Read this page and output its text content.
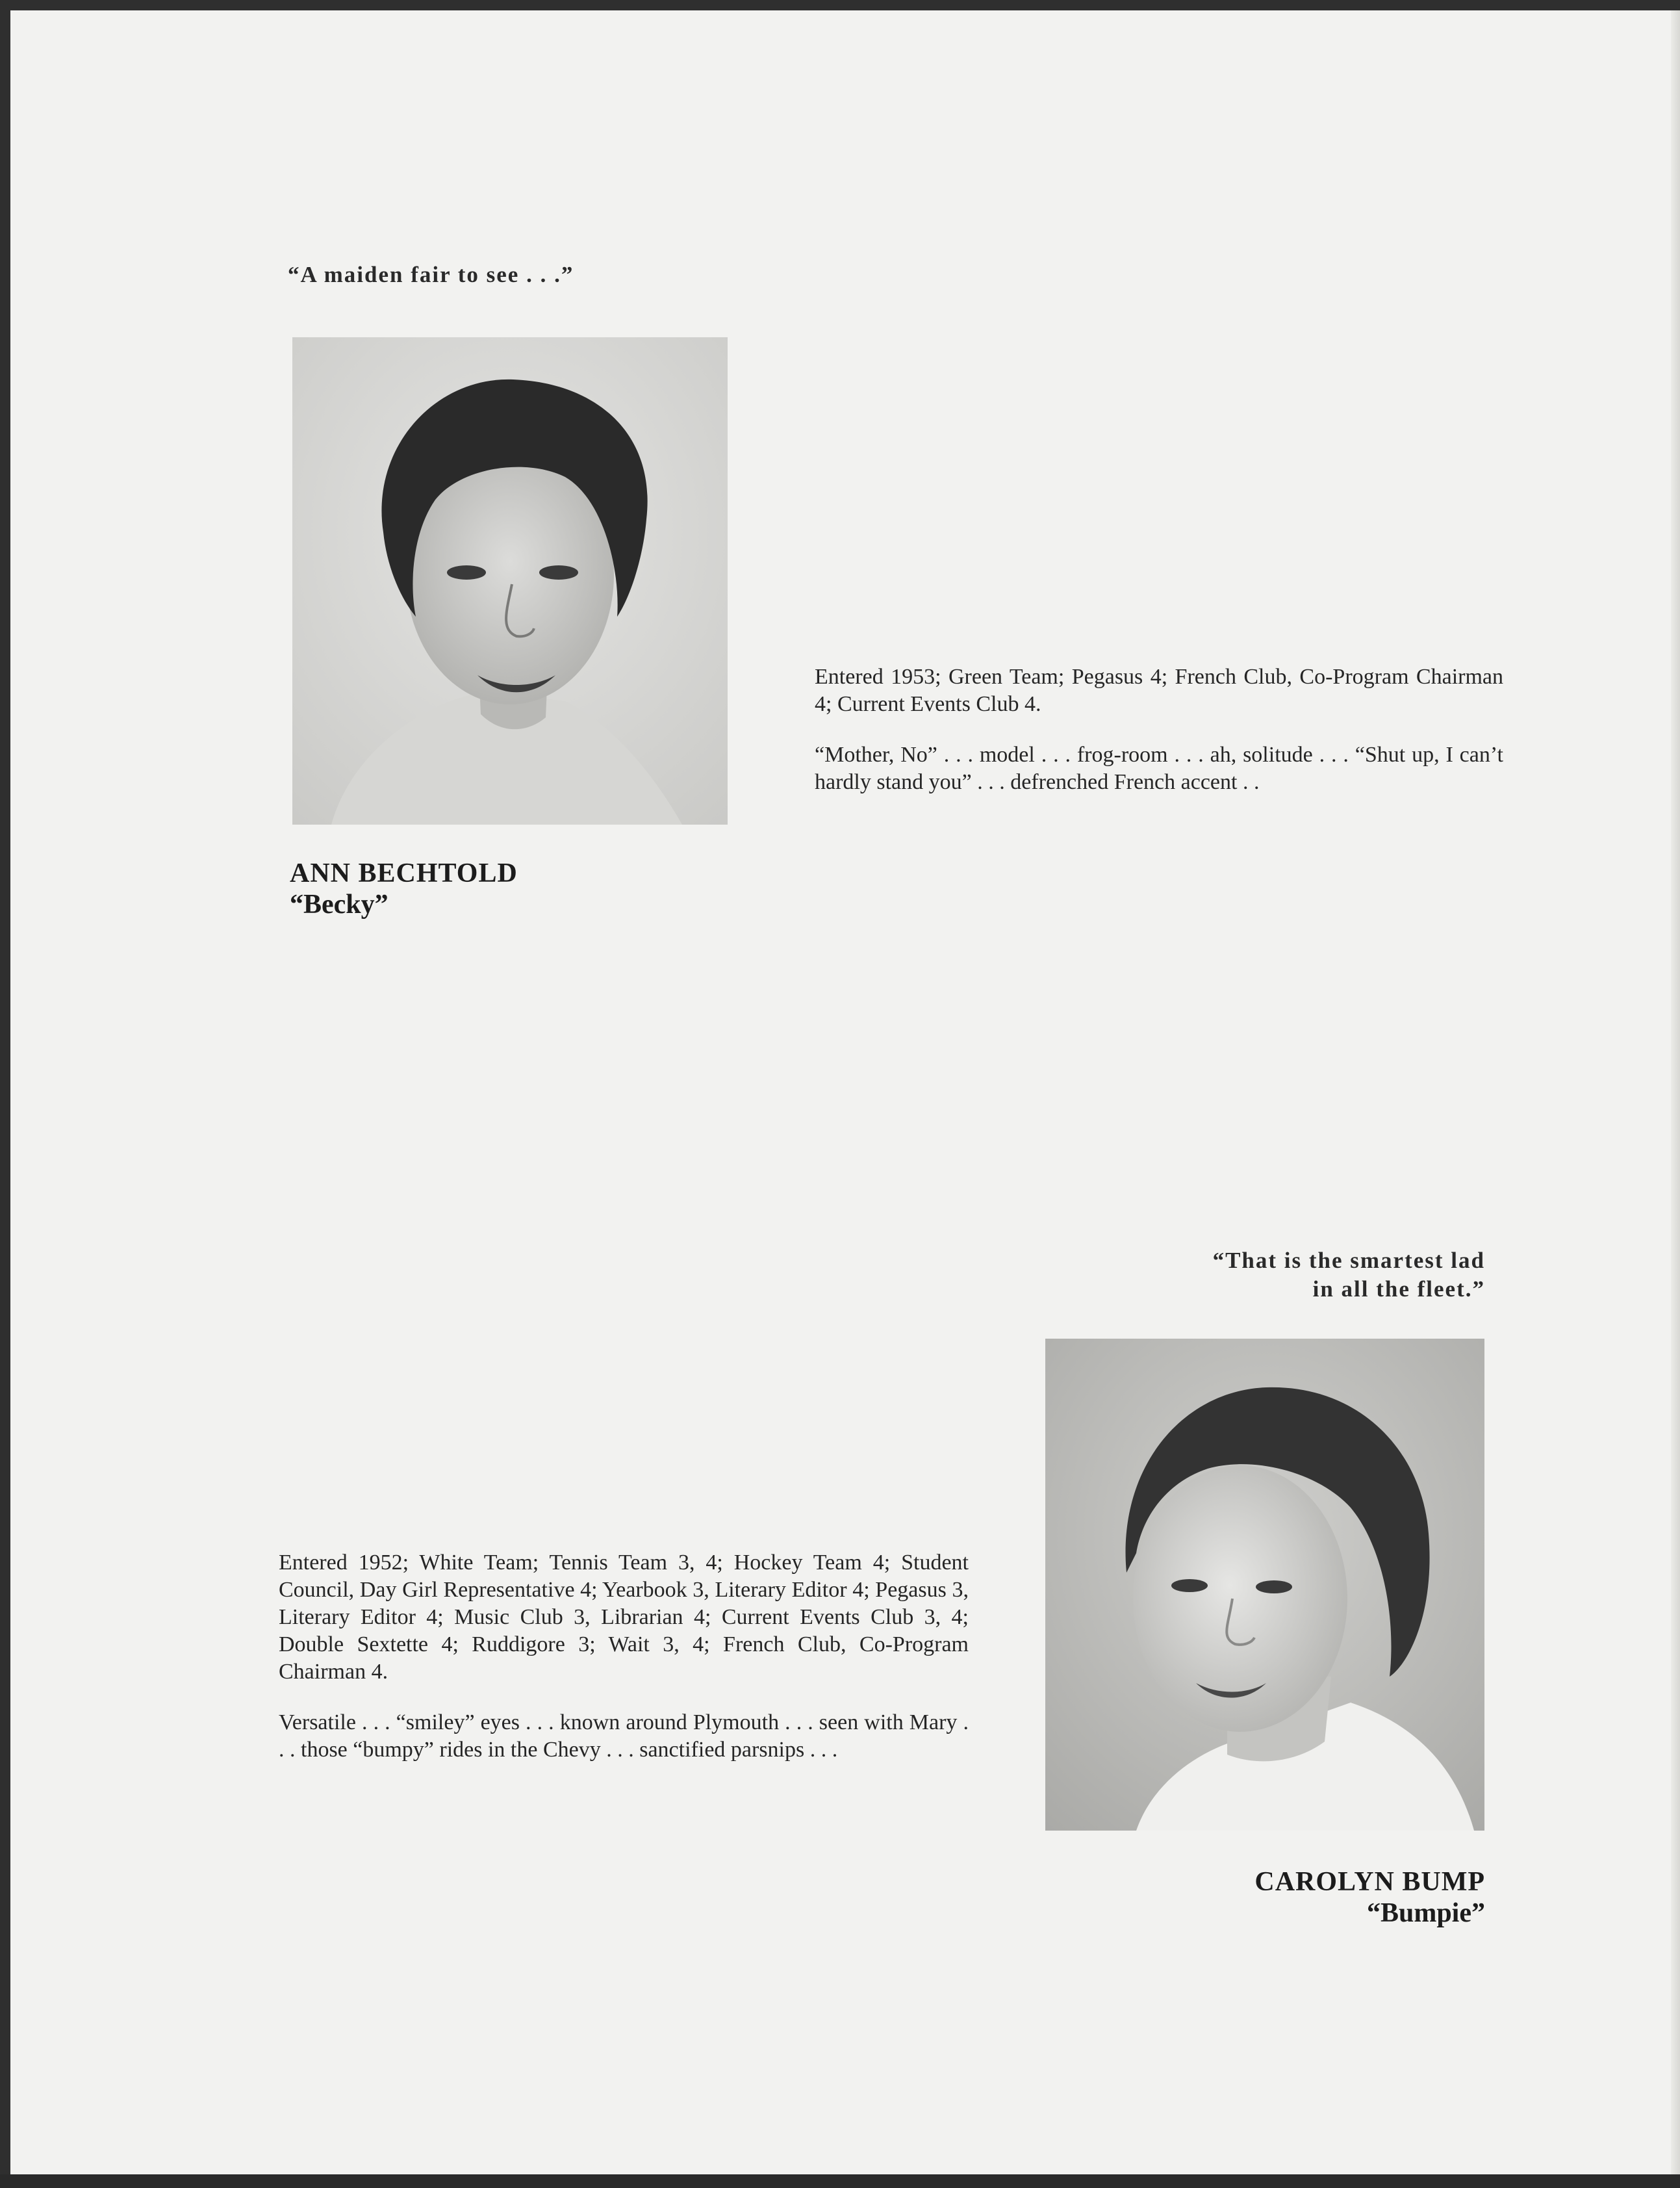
“A maiden fair to see . . .”

Entered 1953; Green Team; Pegasus 4; French Club, Co-Program Chairman 4; Current Events Club 4.

“Mother, No” . . . model . . . frog-room . . . ah, solitude . . . “Shut up, I can’t hardly stand you” . . . defrenched French accent . .

ANN BECHTOLD
“Becky”
“That is the smartest lad
in all the fleet.”

Entered 1952; White Team; Tennis Team 3, 4; Hockey Team 4; Student Council, Day Girl Representative 4; Yearbook 3, Literary Editor 4; Pegasus 3, Literary Editor 4; Music Club 3, Librarian 4; Current Events Club 3, 4; Double Sextette 4; Ruddigore 3; Wait 3, 4; French Club, Co-Program Chairman 4.

Versatile . . . “smiley” eyes . . . known around Plymouth . . . seen with Mary . . . those “bumpy” rides in the Chevy . . . sanctified parsnips . . .

CAROLYN BUMP
“Bumpie”
